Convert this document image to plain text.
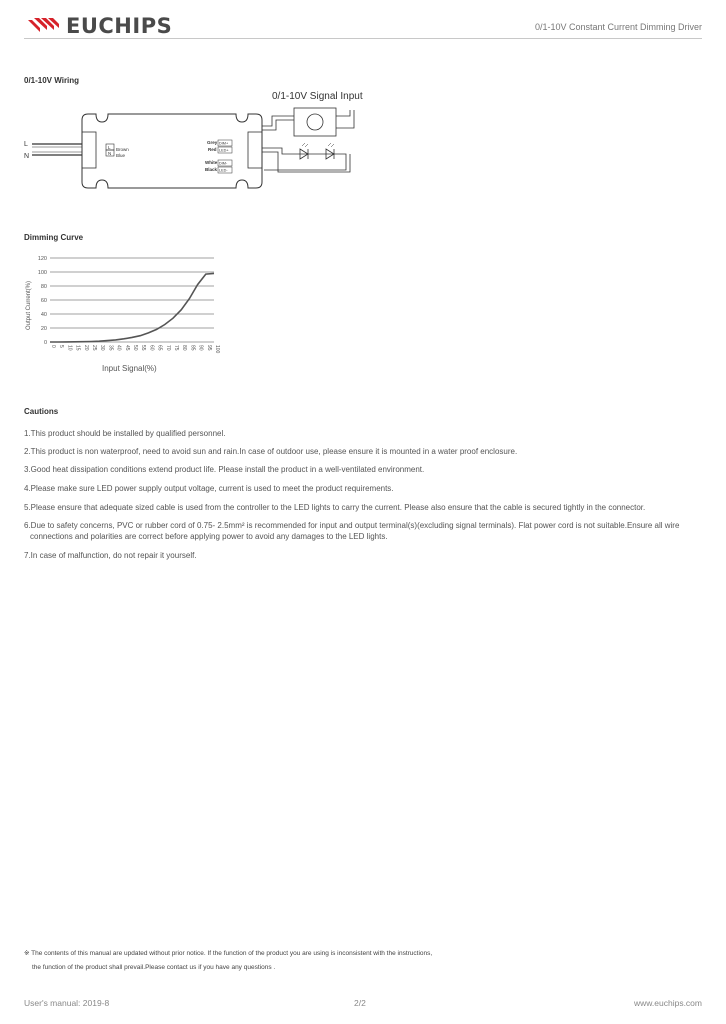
EUCHIPS	0/1-10V Constant Current Dimming Driver
0/1-10V Wiring
0/1-10V Signal Input
L
N
L
N
Brown
Blue
Grey
Red
DIM+
LED+
White
Black
DIM-
LED-
Dimming Curve
0
20
40
60
80
100
120
0 5 10 15 20 25 30 35 40 45 50 55 60 65 70 75 80 85 90 95 100
Output Current(%)
Input Signal(%)
Cautions
1.This product should be installed by qualified personnel.
2.This product is non waterproof, need to avoid sun and rain.In case of outdoor use, please ensure it is mounted in a water proof enclosure.
3.Good heat dissipation conditions extend product life. Please install the product in a well-ventilated environment.
4.Please make sure LED power supply output voltage, current is used to meet the product requirements.
5.Please ensure that adequate sized cable is used from the controller to the LED lights to carry the current. Please also ensure that the cable is secured tightly in the connector.
6.Due to safety concerns, PVC or rubber cord of 0.75- 2.5mm² is recommended for input and output terminal(s)(excluding signal terminals). Flat power cord is not suitable.Ensure all wire
connections and polarities are correct before applying power to avoid any damages to the LED lights.
7.In case of malfunction, do not repair it yourself.
※ The contents of this manual are updated without prior notice. If the function of the product you are using is inconsistent with the instructions,
the function of the product shall prevail.Please contact us if you have any questions .
User's manual: 2019-8	2/2	www.euchips.com
